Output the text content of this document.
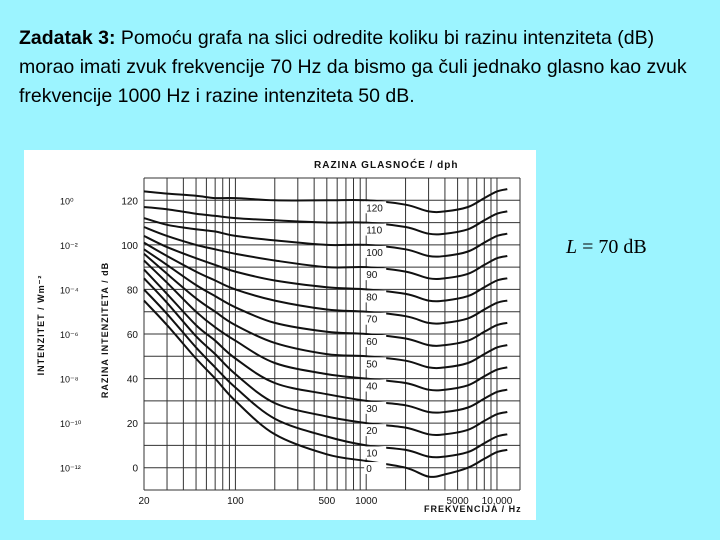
Zadatak 3: Pomoću grafa na slici odredite koliku bi razinu intenziteta (dB) morao imati zvuk frekvencije 70 Hz da bismo ga čuli jednako glasno kao zvuk frekvencije 1000 Hz i razine intenziteta 50 dB.
L = 70 dB
0
20
40
60
80
100
120
10⁻¹²
10⁻¹⁰
10⁻⁸
10⁻⁶
10⁻⁴
10⁻²
10⁰
20	100	500 1000	5000 10,000
120
110
100
90
80
70
60
50
40
30
20
10
0
RAZINA GLASNOĆE / dph
FREKVENCIJA / Hz
RAZINA INTENZITETA / dB
INTENZITET / Wm⁻²
